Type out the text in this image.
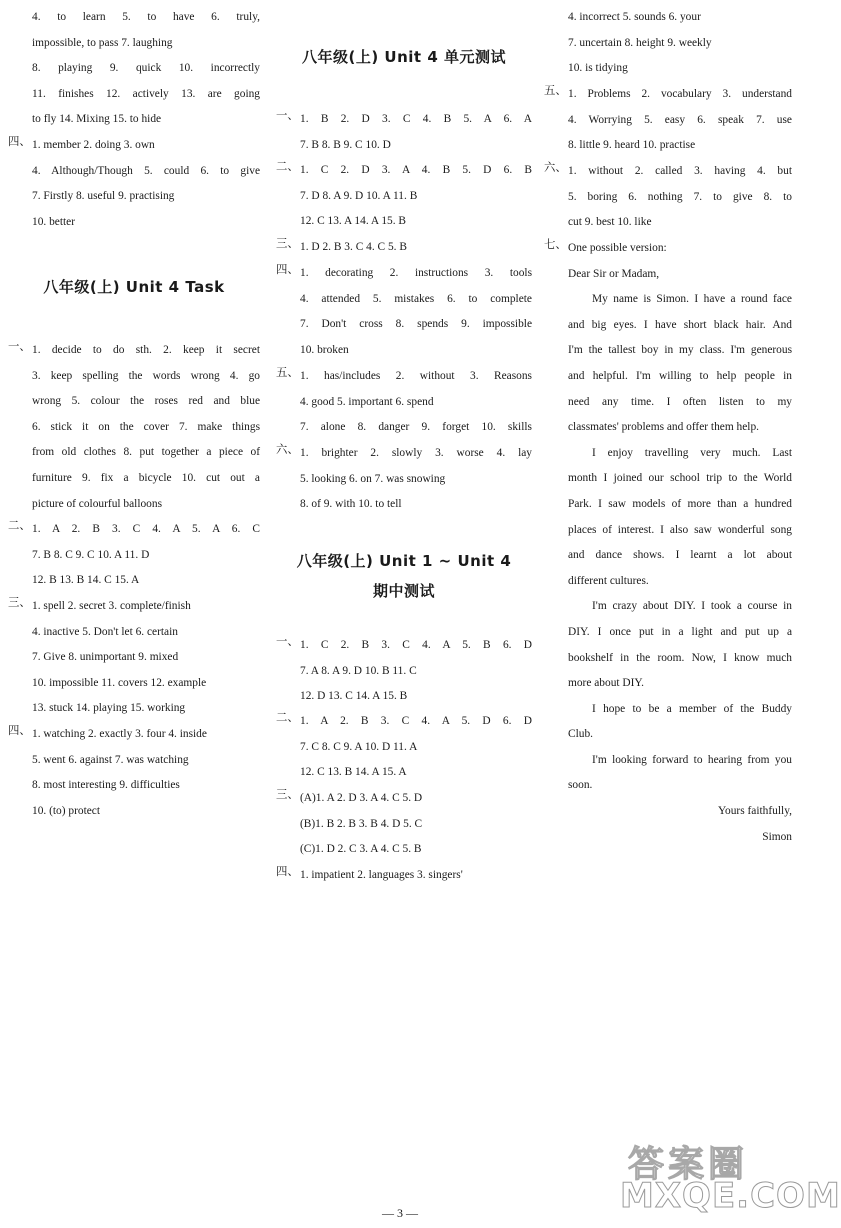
4. to learn 5. to have 6. truly,
impossible, to pass 7. laughing
8. playing 9. quick 10. incorrectly
11. finishes 12. actively 13. are going
to fly 14. Mixing 15. to hide
四、 1. member 2. doing 3. own
4. Although/Though 5. could 6. to give
7. Firstly 8. useful 9. practising
10. better
八年级(上) Unit 4 Task
一、 1. decide to do sth. 2. keep it secret
3. keep spelling the words wrong 4. go
wrong 5. colour the roses red and blue
6. stick it on the cover 7. make things
from old clothes 8. put together a piece of
furniture 9. fix a bicycle 10. cut out a
picture of colourful balloons
二、 1. A 2. B 3. C 4. A 5. A 6. C
7. B 8. C 9. C 10. A 11. D
12. B 13. B 14. C 15. A
三、 1. spell 2. secret 3. complete/finish
4. inactive 5. Don't let 6. certain
7. Give 8. unimportant 9. mixed
10. impossible 11. covers 12. example
13. stuck 14. playing 15. working
四、 1. watching 2. exactly 3. four 4. inside
5. went 6. against 7. was watching
8. most interesting 9. difficulties
10. (to) protect
八年级(上) Unit 4 单元测试
一、 1. B 2. D 3. C 4. B 5. A 6. A
7. B 8. B 9. C 10. D
二、 1. C 2. D 3. A 4. B 5. D 6. B
7. D 8. A 9. D 10. A 11. B
12. C 13. A 14. A 15. B
三、 1. D 2. B 3. C 4. C 5. B
四、 1. decorating 2. instructions 3. tools
4. attended 5. mistakes 6. to complete
7. Don't cross 8. spends 9. impossible
10. broken
五、 1. has/includes 2. without 3. Reasons
4. good 5. important 6. spend
7. alone 8. danger 9. forget 10. skills
六、 1. brighter 2. slowly 3. worse 4. lay
5. looking 6. on 7. was snowing
8. of 9. with 10. to tell
八年级(上) Unit 1 ~ Unit 4
期中测试
一、 1. C 2. B 3. C 4. A 5. B 6. D
7. A 8. A 9. D 10. B 11. C
12. D 13. C 14. A 15. B
二、 1. A 2. B 3. C 4. A 5. D 6. D
7. C 8. C 9. A 10. D 11. A
12. C 13. B 14. A 15. A
三、 (A)1. A 2. D 3. A 4. C 5. D
(B)1. B 2. B 3. B 4. D 5. C
(C)1. D 2. C 3. A 4. C 5. B
四、 1. impatient 2. languages 3. singers'
4. incorrect 5. sounds 6. your
7. uncertain 8. height 9. weekly
10. is tidying
五、 1. Problems 2. vocabulary 3. understand
4. Worrying 5. easy 6. speak 7. use
8. little 9. heard 10. practise
六、 1. without 2. called 3. having 4. but
5. boring 6. nothing 7. to give 8. to
cut 9. best 10. like
七、 One possible version:
Dear Sir or Madam,
My name is Simon. I have a round face
and big eyes. I have short black hair. And
I'm the tallest boy in my class. I'm generous
and helpful. I'm willing to help people in
need any time. I often listen to my
classmates' problems and offer them help.
I enjoy travelling very much. Last
month I joined our school trip to the World
Park. I saw models of more than a hundred
places of interest. I also saw wonderful song
and dance shows. I learnt a lot about
different cultures.
I'm crazy about DIY. I took a course in
DIY. I once put in a light and put up a
bookshelf in the room. Now, I know much
more about DIY.
I hope to be a member of the Buddy
Club.
I'm looking forward to hearing from you
soon.
Yours faithfully,
Simon
答案圈
MXQE.COM
— 3 —
